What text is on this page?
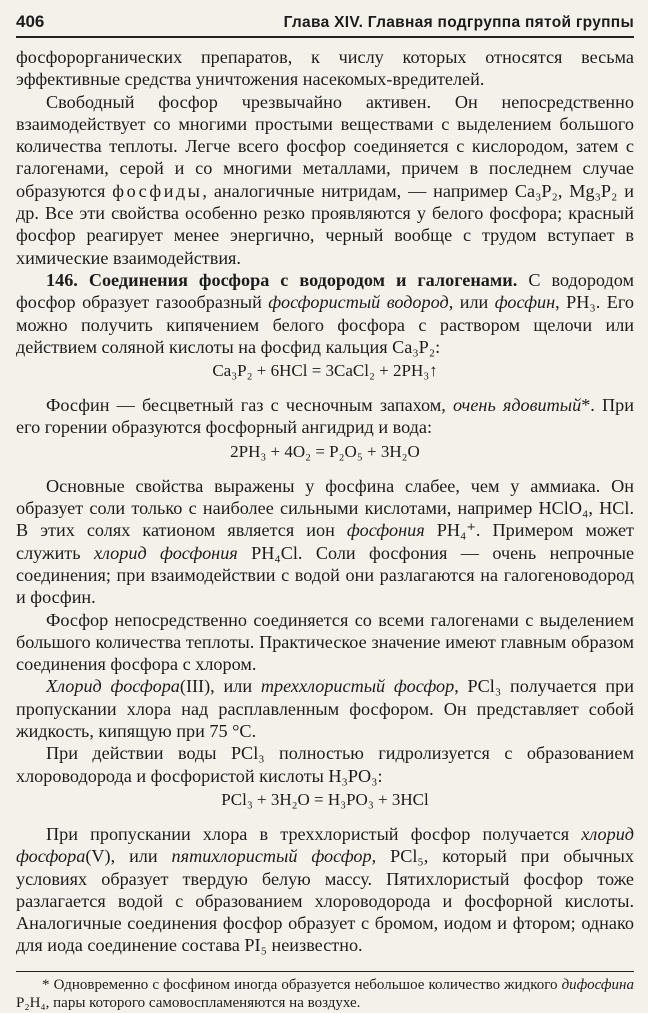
406	Глава XIV. Главная подгруппа пятой группы

фосфорорганических препаратов, к числу которых относятся весьма эффективные средства уничтожения насекомых-вредителей.

Свободный фосфор чрезвычайно активен. Он непосредственно взаимодействует со многими простыми веществами с выделением большого количества теплоты. Легче всего фосфор соединяется с кислородом, затем с галогенами, серой и со многими металлами, причем в последнем случае образуются фосфиды, аналогичные нитридам, — например Ca₃P₂, Mg₃P₂ и др. Все эти свойства особенно резко проявляются у белого фосфора; красный фосфор реагирует менее энергично, черный вообще с трудом вступает в химические взаимодействия.

146. Соединения фосфора с водородом и галогенами. С водородом фосфор образует газообразный фосфористый водород, или фосфин, PH₃. Его можно получить кипячением белого фосфора с раствором щелочи или действием соляной кислоты на фосфид кальция Ca₃P₂:

Ca₃P₂ + 6HCl = 3CaCl₂ + 2PH₃↑

Фосфин — бесцветный газ с чесночным запахом, очень ядовитый*. При его горении образуются фосфорный ангидрид и вода:

2PH₃ + 4O₂ = P₂O₅ + 3H₂O

Основные свойства выражены у фосфина слабее, чем у аммиака. Он образует соли только с наиболее сильными кислотами, например HClO₄, HCl. В этих солях катионом является ион фосфония PH₄⁺. Примером может служить хлорид фосфония PH₄Cl. Соли фосфония — очень непрочные соединения; при взаимодействии с водой они разлагаются на галогеноводород и фосфин.

Фосфор непосредственно соединяется со всеми галогенами с выделением большого количества теплоты. Практическое значение имеют главным образом соединения фосфора с хлором.

Хлорид фосфора(III), или треххлористый фосфор, PCl₃ получается при пропускании хлора над расплавленным фосфором. Он представляет собой жидкость, кипящую при 75 °C.

При действии воды PCl₃ полностью гидролизуется с образованием хлороводорода и фосфористой кислоты H₃PO₃:

PCl₃ + 3H₂O = H₃PO₃ + 3HCl

При пропускании хлора в треххлористый фосфор получается хлорид фосфора(V), или пятихлористый фосфор, PCl₅, который при обычных условиях образует твердую белую массу. Пятихлористый фосфор тоже разлагается водой с образованием хлороводорода и фосфорной кислоты. Аналогичные соединения фосфор образует с бромом, иодом и фтором; однако для иода соединение состава PI₅ неизвестно.

* Одновременно с фосфином иногда образуется небольшое количество жидкого дифосфина P₂H₄, пары которого самовоспламеняются на воздухе.
